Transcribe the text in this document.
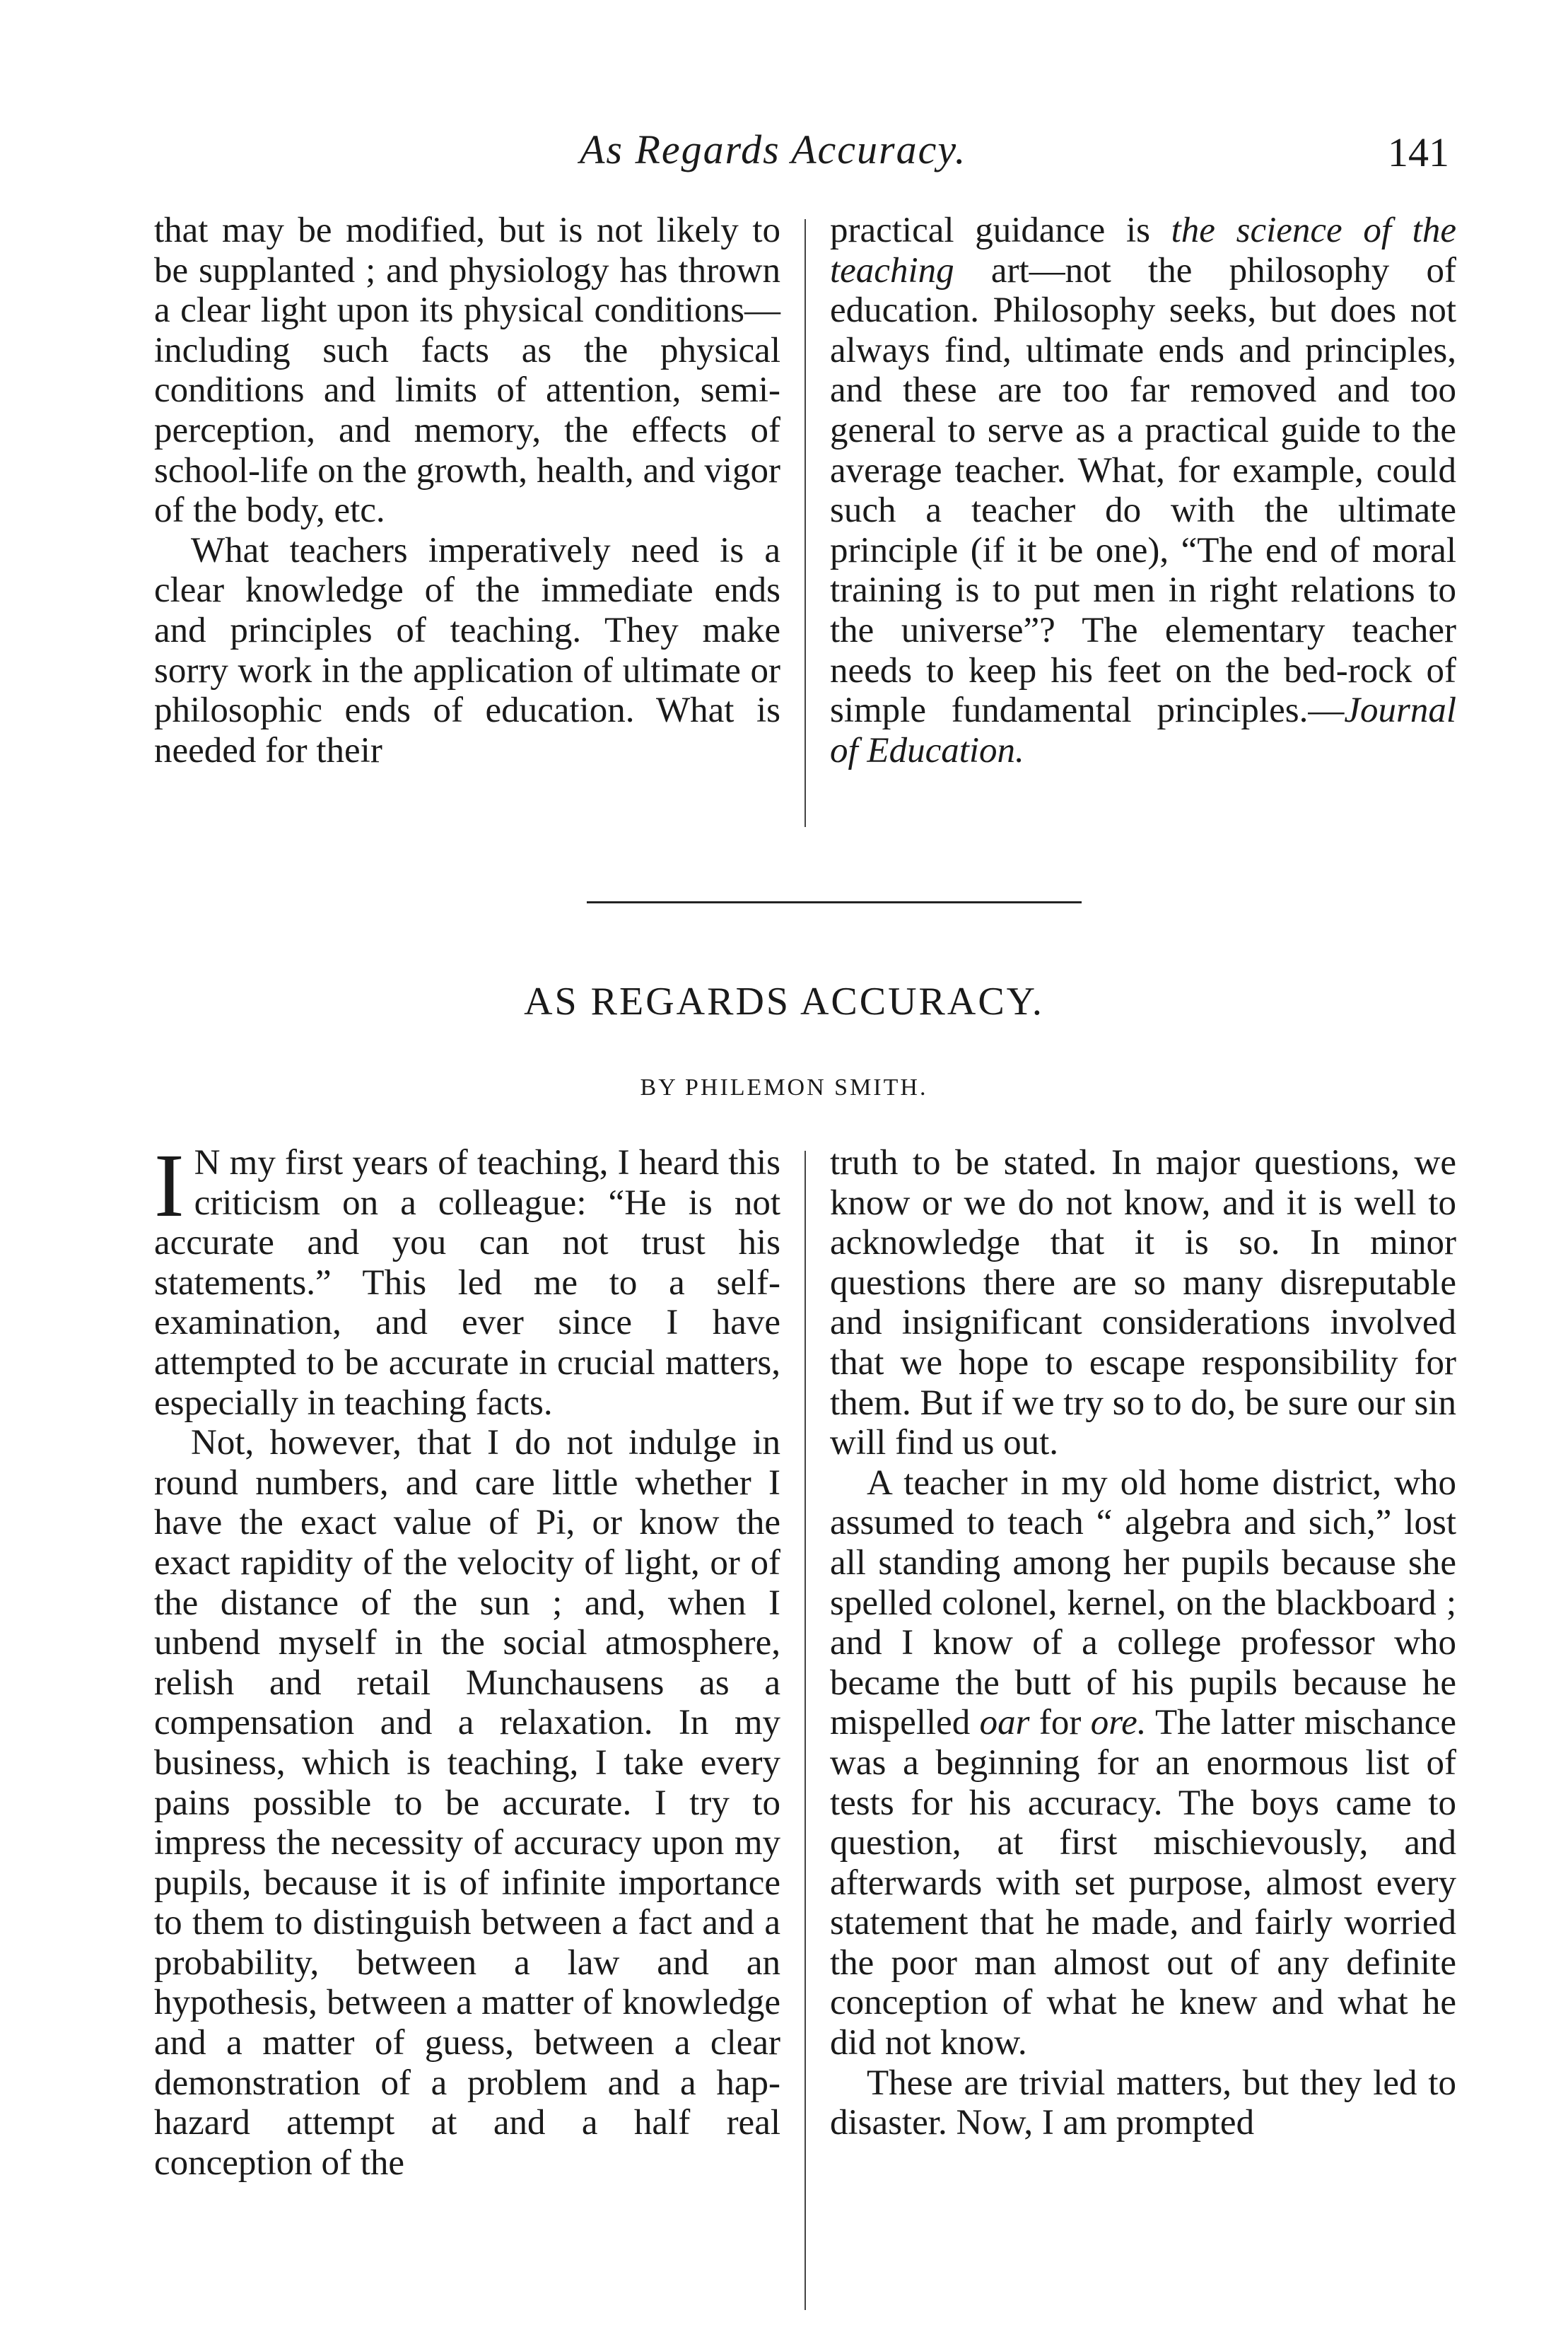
As Regards Accuracy.	141

that may be modified, but is not likely to be supplanted ; and physiology has thrown a clear light upon its physical conditions—including such facts as the physical conditions and limits of attention, semi-perception, and memory, the effects of school-life on the growth, health, and vigor of the body, etc.

What teachers imperatively need is a clear knowledge of the immediate ends and principles of teaching. They make sorry work in the application of ultimate or philosophic ends of education. What is needed for their

practical guidance is the science of the teaching art—not the philosophy of education. Philosophy seeks, but does not always find, ultimate ends and principles, and these are too far removed and too general to serve as a practical guide to the average teacher. What, for example, could such a teacher do with the ultimate principle (if it be one), “The end of moral training is to put men in right relations to the universe”? The elementary teacher needs to keep his feet on the bed-rock of simple fundamental principles.—Journal of Education.

AS REGARDS ACCURACY.
BY PHILEMON SMITH.

I N my first years of teaching, I heard this criticism on a colleague: “He is not accurate and you can not trust his statements.” This led me to a self-examination, and ever since I have attempted to be accurate in crucial matters, especially in teaching facts.

Not, however, that I do not indulge in round numbers, and care little whether I have the exact value of Pi, or know the exact rapidity of the velocity of light, or of the distance of the sun ; and, when I unbend myself in the social atmosphere, relish and retail Munchausens as a compensation and a relaxation. In my business, which is teaching, I take every pains possible to be accurate. I try to impress the necessity of accuracy upon my pupils, because it is of infinite importance to them to distinguish between a fact and a probability, between a law and an hypothesis, between a matter of knowledge and a matter of guess, between a clear demonstration of a problem and a hap-hazard attempt at and a half real conception of the

truth to be stated. In major questions, we know or we do not know, and it is well to acknowledge that it is so. In minor questions there are so many disreputable and insignificant considerations involved that we hope to escape responsibility for them. But if we try so to do, be sure our sin will find us out.

A teacher in my old home district, who assumed to teach “ algebra and sich,” lost all standing among her pupils because she spelled colonel, kernel, on the blackboard ; and I know of a college professor who became the butt of his pupils because he mispelled oar for ore. The latter mischance was a beginning for an enormous list of tests for his accuracy. The boys came to question, at first mischievously, and afterwards with set purpose, almost every statement that he made, and fairly worried the poor man almost out of any definite conception of what he knew and what he did not know.

These are trivial matters, but they led to disaster. Now, I am prompted
